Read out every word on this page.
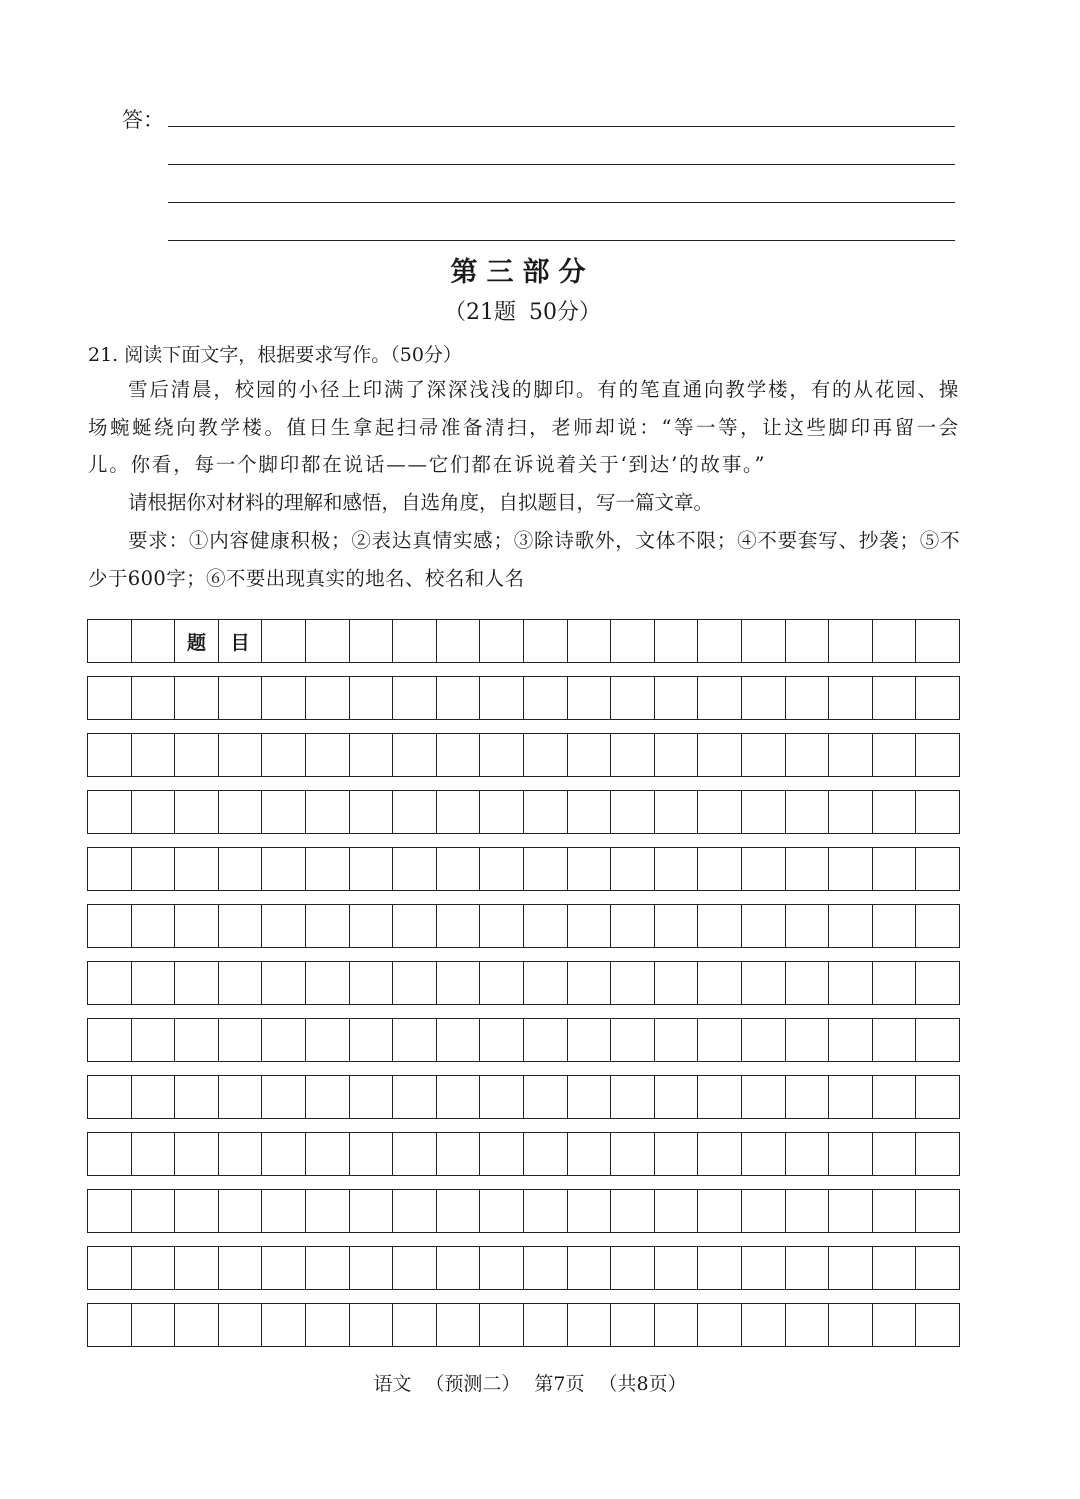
答：
第三部分
（21题 50分）
21. 阅读下面文字，根据要求写作。（50分）
雪后清晨，校园的小径上印满了深深浅浅的脚印。有的笔直通向教学楼，有的从花园、操场蜿蜒绕向教学楼。值日生拿起扫帚准备清扫，老师却说：“等一等，让这些脚印再留一会儿。你看，每一个脚印都在说话——它们都在诉说着关于‘到达’的故事。”
请根据你对材料的理解和感悟，自选角度，自拟题目，写一篇文章。
要求：①内容健康积极；②表达真情实感；③除诗歌外，文体不限；④不要套写、抄袭；⑤不少于600字；⑥不要出现真实的地名、校名和人名
题	目
语文 （预测二） 第7页 （共8页）
